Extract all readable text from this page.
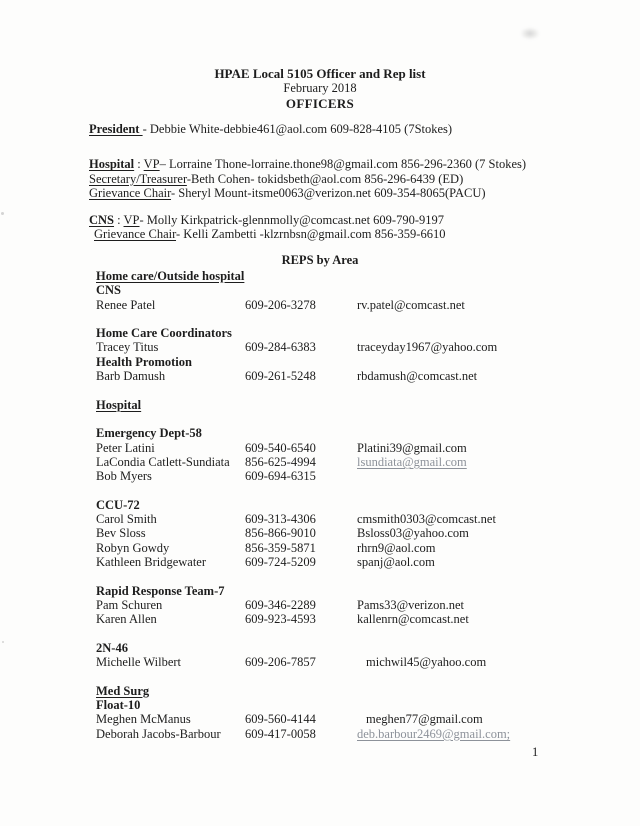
HPAE Local 5105 Officer and Rep list
February 2018
OFFICERS
President - Debbie White-debbie461@aol.com 609-828-4105 (7Stokes)
Hospital : VP– Lorraine Thone-lorraine.thone98@gmail.com 856-296-2360 (7 Stokes)
Secretary/Treasurer-Beth Cohen- tokidsbeth@aol.com 856-296-6439 (ED)
Grievance Chair- Sheryl Mount-itsme0063@verizon.net 609-354-8065(PACU)
CNS : VP- Molly Kirkpatrick-glennmolly@comcast.net 609-790-9197
Grievance Chair- Kelli Zambetti -klzrnbsn@gmail.com 856-359-6610
REPS by Area
Home care/Outside hospital
CNS
Renee Patel	609-206-3278	rv.patel@comcast.net
Home Care Coordinators
Tracey Titus	609-284-6383	traceyday1967@yahoo.com
Health Promotion
Barb Damush	609-261-5248	rbdamush@comcast.net
Hospital
Emergency Dept-58
Peter Latini	609-540-6540	Platini39@gmail.com
LaCondia Catlett-Sundiata	856-625-4994	lsundiata@gmail.com
Bob Myers	609-694-6315
CCU-72
Carol Smith	609-313-4306	cmsmith0303@comcast.net
Bev Sloss	856-866-9010	Bsloss03@yahoo.com
Robyn Gowdy	856-359-5871	rhrn9@aol.com
Kathleen Bridgewater	609-724-5209	spanj@aol.com
Rapid Response Team-7
Pam Schuren	609-346-2289	Pams33@verizon.net
Karen Allen	609-923-4593	kallenrn@comcast.net
2N-46
Michelle Wilbert	609-206-7857	michwil45@yahoo.com
Med Surg
Float-10
Meghen McManus	609-560-4144	meghen77@gmail.com
Deborah Jacobs-Barbour	609-417-0058	deb.barbour2469@gmail.com;
1
